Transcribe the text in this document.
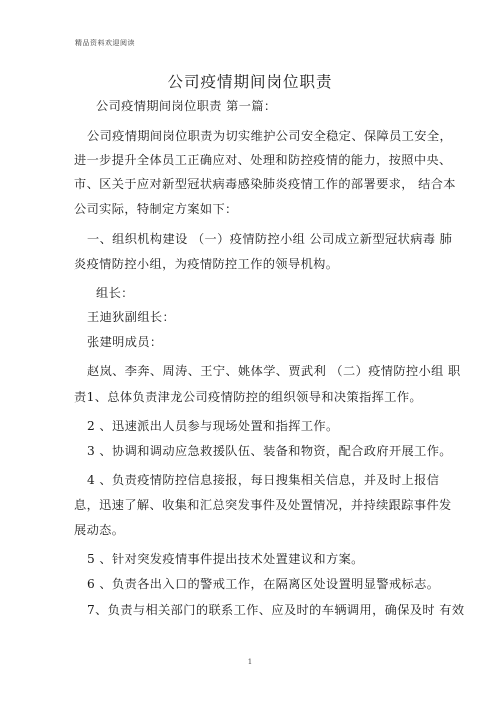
精品资料欢迎阅读
公司疫情期间岗位职责
公司疫情期间岗位职责 第一篇：
公司疫情期间岗位职责为切实维护公司安全稳定、保障员工安全，
进一步提升全体员工正确应对、处理和防控疫情的能力，按照中央、
市、区关于应对新型冠状病毒感染肺炎疫情工作的部署要求， 结合本
公司实际，特制定方案如下：
一、组织机构建设 （一）疫情防控小组 公司成立新型冠状病毒 肺
炎疫情防控小组，为疫情防控工作的领导机构。
组长：
王迪狄副组长：
张建明成员：
赵岚、李奔、周涛、王宁、姚体学、贾武利 （二）疫情防控小组 职
责1、总体负责津龙公司疫情防控的组织领导和决策指挥工作。
2 、迅速派出人员参与现场处置和指挥工作。
3 、协调和调动应急救援队伍、装备和物资，配合政府开展工作。
4 、负责疫情防控信息接报，每日搜集相关信息，并及时上报信
息，迅速了解、收集和汇总突发事件及处置情况，并持续跟踪事件发
展动态。
5 、针对突发疫情事件提出技术处置建议和方案。
6 、负责各出入口的警戒工作，在隔离区处设置明显警戒标志。
7、负责与相关部门的联系工作、应及时的车辆调用，确保及时 有效
1
